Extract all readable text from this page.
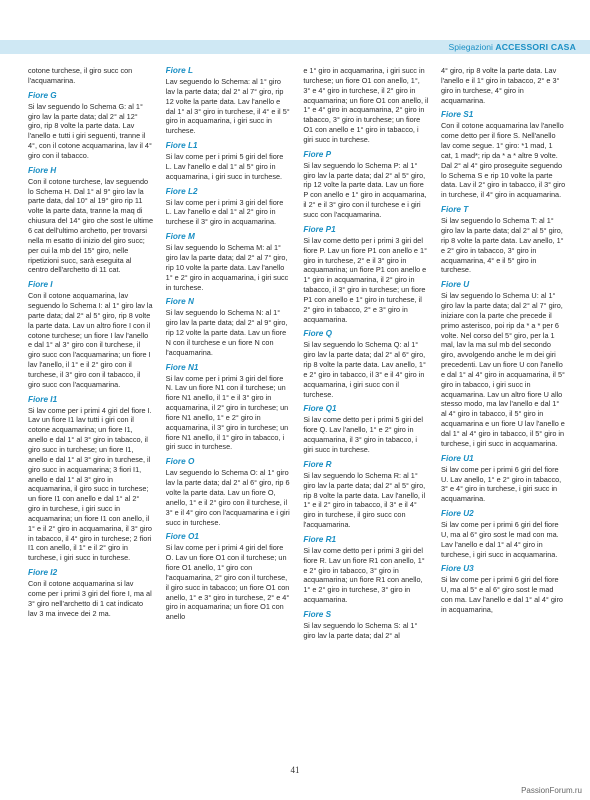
Spiegazioni ACCESSORI CASA

cotone turchese, il giro succ con l'acquamarina.

Fiore G

Si lav seguendo lo Schema G: al 1° giro lav la parte data; dal 2° al 12° giro, rip 8 volte la parte data. Lav l'anello e tutti i giri seguenti, tranne il 4°, con il cotone acquamarina, lav il 4° giro con il tabacco.

Fiore H

Con il cotone turchese, lav seguendo lo Schema H. Dal 1° al 9° giro lav la parte data, dal 10° al 19° giro rip 11 volte la parte data, tranne la maq di chiusura del 14° giro che sost le ultime 6 cat dell'ultimo archetto, per trovarsi nella m esatto di inizio del giro succ; per cui la mb del 15° giro, nelle ripetizioni succ, sarà eseguita al centro dell'archetto di 11 cat.

Fiore I

Con il cotone acquamarina, lav seguendo lo Schema I: al 1° giro lav la parte data; dal 2° al 5° giro, rip 8 volte la parte data. Lav un altro fiore I con il cotone turchese; un fiore I lav l'anello e dal 1° al 3° giro con il turchese, il giro succ con l'acquamarina; un fiore I lav l'anello, il 1° e il 2° giro con il turchese, il 3° giro con il tabacco, il giro succ con l'acquamarina.

Fiore I1

Si lav come per i primi 4 giri del fiore I. Lav un fiore I1 lav tutti i giri con il cotone acquamarina; un fiore I1, anello e dal 1° al 3° giro in tabacco, il giro succ in turchese; un fiore I1, anello e dal 1° al 3° giro in turchese, il giro succ in acquamarina; 3 fiori I1, anello e dal 1° al 3° giro in acquamarina, il giro succ in turchese; un fiore I1 con anello e dal 1° al 2° giro in turchese, i giri succ in acquamarina; un fiore I1 con anello, il 1° e il 2° giro in acquamarina, il 3° giro in tabacco, il 4° giro in turchese; 2 fiori I1 con anello, il 1° e il 2° giro in turchese, i giri succ in turchese.

Fiore I2

Con il cotone acquamarina si lav come per i primi 3 giri del fiore I, ma al 3° giro nell'archetto di 1 cat indicato lav 3 ma invece dei 2 ma.

Fiore L

Lav seguendo lo Schema: al 1° giro lav la parte data; dal 2° al 7° giro, rip 12 volte la parte data. Lav l'anello e dal 1° al 3° giro in turchese, il 4° e il 5° giro in acquamarina, i giri succ in turchese.

Fiore L1

Si lav come per i primi 5 giri del fiore L. Lav l'anello e dal 1° al 5° giro in acquamarina, i giri succ in turchese.

Fiore L2

Si lav come per i primi 3 giri del fiore L. Lav l'anello e dal 1° al 2° giro in turchese il 3° giro in acquamarina.

Fiore M

Si lav seguendo lo Schema M: al 1° giro lav la parte data; dal 2° al 7° giro, rip 10 volte la parte data. Lav l'anello 1° e 2° giro in acquamarina, i giri succ in turchese.

Fiore N

Si lav seguendo lo Schema N: al 1° giro lav la parte data; dal 2° al 9° giro, rip 12 volte la parte data. Lav un fiore N con il turchese e un fiore N con l'acquamarina.

Fiore N1

Si lav come per i primi 3 giri del fiore N. Lav un fiore N1 con il turchese; un fiore N1 anello, il 1° e il 3° giro in acquamarina, il 2° giro in turchese; un fiore N1 anello, 1° e 2° giro in acquamarina, il 3° giro in turchese; un fiore N1 anello, il 1° giro in tabacco, i giri succ in turchese.

Fiore O

Lav seguendo lo Schema O: al 1° giro lav la parte data; dal 2° al 6° giro, rip 6 volte la parte data. Lav un fiore O, anello, 1° e il 2° giro con il turchese, il 3° e il 4° giro con l'acquamarina e i giri succ in turchese.

Fiore O1

Si lav come per i primi 4 giri del fiore O. Lav un fiore O1 con il turchese; un fiore O1 anello, 1° giro con l'acquamarina, 2° giro con il turchese, il giro succ in tabacco; un fiore O1 con anello, 1° e 3° giro in turchese, 2° e 4° giro in acquamarina; un fiore O1 con anello

e 1° giro in acquamarina, i giri succ in turchese; un fiore O1 con anello, 1°, 3° e 4° giro in turchese, il 2° giro in acquamarina; un fiore O1 con anello, il 1° e 4° giro in acquamarina, 2° giro in tabacco, 3° giro in turchese; un fiore O1 con anello e 1° giro in tabacco, i giri succ in turchese.

Fiore P

Si lav seguendo lo Schema P: al 1° giro lav la parte data; dal 2° al 5° giro, rip 12 volte la parte data. Lav un fiore P con anello e 1° giro in acquamarina, il 2° e il 3° giro con il turchese e i giri succ con l'acquamarina.

Fiore P1

Si lav come detto per i primi 3 giri del fiore P. Lav un fiore P1 con anello e 1° giro in turchese, 2° e il 3° giro in acquamarina; un fiore P1 con anello e 1° giro in acquamarina, il 2° giro in tabacco, il 3° giro in turchese; un fiore P1 con anello e 1° giro in turchese, il 2° giro in tabacco, 2° e 3° giro in acquamarina.

Fiore Q

Si lav seguendo lo Schema Q: al 1° giro lav la parte data; dal 2° al 6° giro, rip 8 volte la parte data. Lav anello, 1° e 2° giro in tabacco, il 3° e il 4° giro in acquamarina, i giri succ con il turchese.

Fiore Q1

Si lav come detto per i primi 5 giri del fiore Q. Lav l'anello, 1° e 2° giro in acquamarina, il 3° giro in tabacco, i giri succ in turchese.

Fiore R

Si lav seguendo lo Schema R: al 1° giro lav la parte data; dal 2° al 5° giro, rip 8 volte la parte data. Lav l'anello, il 1° e il 2° giro in tabacco, il 3° e il 4° giro in turchese, il giro succ con l'acquamarina.

Fiore R1

Si lav come detto per i primi 3 giri del fiore R. Lav un fiore R1 con anello, 1° e 2° giro in tabacco, 3° giro in acquamarina; un fiore R1 con anello, 1° e 2° giro in turchese, 3° giro in acquamarina.

Fiore S

Si lav seguendo lo Schema S: al 1° giro lav la parte data; dal 2° al

4° giro, rip 8 volte la parte data. Lav l'anello e il 1° giro in tabacco, 2° e 3° giro in turchese, 4° giro in acquamarina.

Fiore S1

Con il cotone acquamarina lav l'anello come detto per il fiore S. Nell'anello lav come segue. 1° giro: *1 mad, 1 cat, 1 mad*; rip da * a * altre 9 volte. Dal 2° al 4° giro proseguite seguendo lo Schema S e rip 10 volte la parte data. Lav il 2° giro in tabacco, il 3° giro in turchese, il 4° giro in acquamarina.

Fiore T

Si lav seguendo lo Schema T: al 1° giro lav la parte data; dal 2° al 5° giro, rip 8 volte la parte data. Lav anello, 1° e 2° giro in tabacco, 3° giro in acquamarina, 4° e il 5° giro in turchese.

Fiore U

Si lav seguendo lo Schema U: al 1° giro lav la parte data; dal 2° al 7° giro, iniziare con la parte che precede il primo asterisco, poi rip da * a * per 6 volte. Nel corso del 5° giro, per la 1 mal, lav la ma sul mb del secondo giro, avvolgendo anche le m dei giri precedenti. Lav un fiore U con l'anello e dal 1° al 4° giro in acquamarina, il 5° giro in tabacco, i giri succ in acquamarina. Lav un altro fiore U allo stesso modo, ma lav l'anello e dal 1° al 4° giro in tabacco, il 5° giro in acquamarina e un fiore U lav l'anello e dal 1° al 4° giro in tabacco, il 5° giro in turchese, i giri succ in acquamarina.

Fiore U1

Si lav come per i primi 6 giri del fiore U. Lav anello, 1° e 2° giro in tabacco, 3° e 4° giro in turchese, i giri succ in acquamarina.

Fiore U2

Si lav come per i primi 6 giri del fiore U, ma al 6° giro sost le mad con ma. Lav l'anello e dal 1° al 4° giro in turchese, i giri succ in acquamarina.

Fiore U3

Si lav come per i primi 6 giri del fiore U, ma al 5° e al 6° giro sost le mad con ma. Lav l'anello e dal 1° al 4° giro in acquamarina,

41
PassionForum.ru
